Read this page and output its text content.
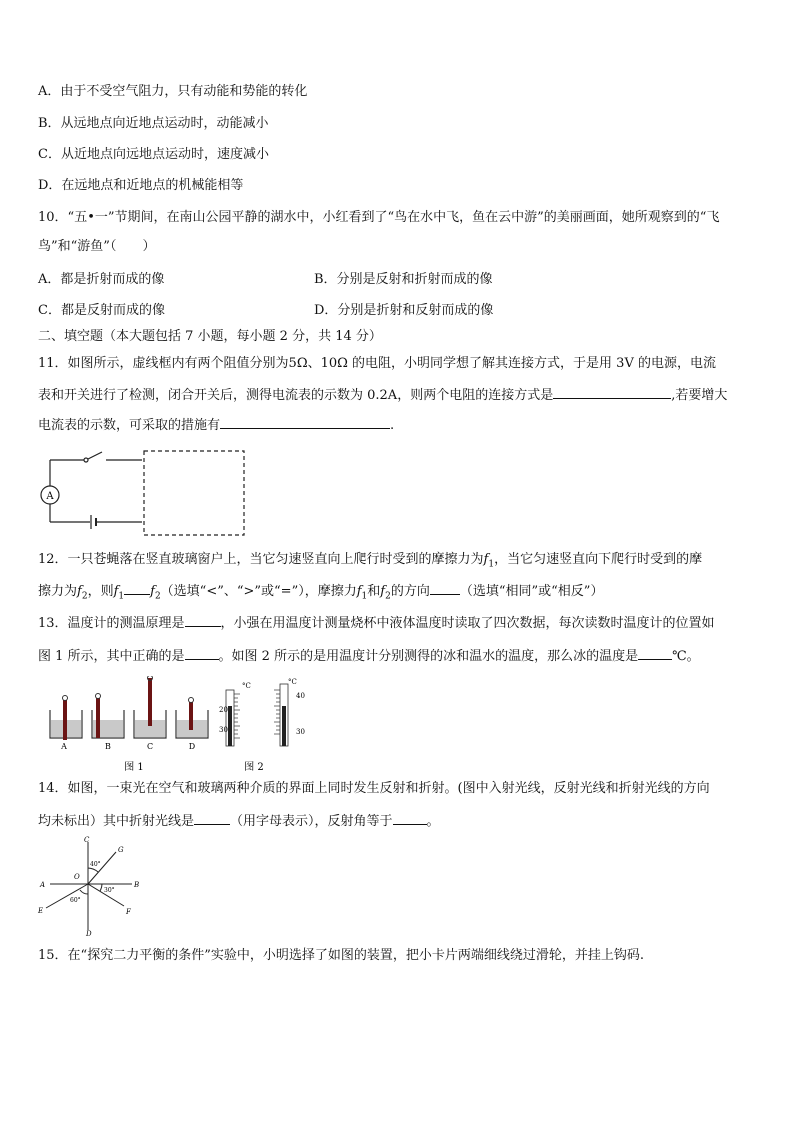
A．由于不受空气阻力，只有动能和势能的转化
B．从远地点向近地点运动时，动能减小
C．从近地点向远地点运动时，速度减小
D．在远地点和近地点的机械能相等
10．“五•一”节期间，在南山公园平静的湖水中，小红看到了“鸟在水中飞，鱼在云中游”的美丽画面，她所观察到的“飞
鸟”和“游鱼”（　　）
A．都是折射而成的像	B．分别是反射和折射而成的像
C．都是反射而成的像	D．分别是折射和反射而成的像
二、填空题（本大题包括 7 小题，每小题 2 分，共 14 分）
11．如图所示，虚线框内有两个阻值分别为5Ω、10Ω 的电阻，小明同学想了解其连接方式，于是用 3V 的电源，电流
表和开关进行了检测，闭合开关后，测得电流表的示数为 0.2A，则两个电阻的连接方式是	,若要增大
电流表的示数，可采取的措施有	.
A
12．一只苍蝇落在竖直玻璃窗户上，当它匀速竖直向上爬行时受到的摩擦力为$f_1$，当它匀速竖直向下爬行时受到的摩
擦力为$f_2$，则$f_1$ $f_2$（选填“<”、“>”或“=”），摩擦力$f_1$和$f_2$的方向 （选填“相同”或“相反”）
13．温度计的测温原理是	，小强在用温度计测量烧杯中液体温度时读取了四次数据，每次读数时温度计的位置如
图 1 所示，其中正确的是	。如图 2 所示的是用温度计分别测得的冰和温水的温度，那么冰的温度是	℃。
A	B	C	D
图 1
°C
20
30
°C
40
30
图 2
14．如图，一束光在空气和玻璃两种介质的界面上同时发生反射和折射。(图中入射光线，反射光线和折射光线的方向
均未标出）其中折射光线是	（用字母表示），反射角等于	。
C
G
A
O
B
E	F
D
40°
30°
60°
15．在“探究二力平衡的条件”实验中，小明选择了如图的装置，把小卡片两端细线绕过滑轮，并挂上钩码.
